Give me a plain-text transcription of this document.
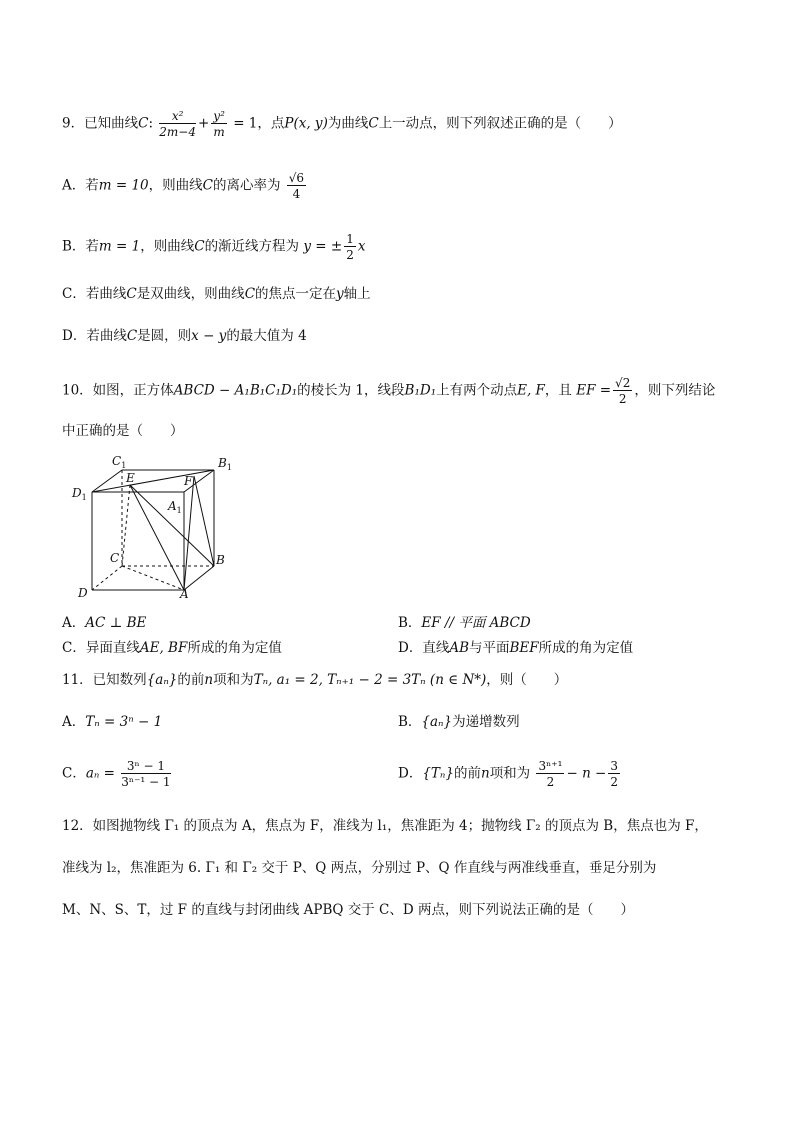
9．已知曲线C: $\frac{\text{x²}}{2m-4} + \frac{\text{y²}}{m} = 1$，点P(x, y)为曲线C上一动点，则下列叙述正确的是（　　）
A．若m = 10，则曲线C的离心率为 $\frac{√6}{4}$
B．若m = 1，则曲线C的渐近线方程为 y = ± $\frac{1}{2}$ x
C．若曲线C是双曲线，则曲线C的焦点一定在y轴上
D．若曲线C是圆，则x − y的最大值为 4
10．如图，正方体ABCD − A₁B₁C₁D₁的棱长为 1，线段B₁D₁上有两个动点E, F，且 EF = $\frac{√2}{2}$ ，则下列结论
中正确的是（　　）
$C_1$	$B_1$
$D_1$
E	F
$A_1$
C	B
D	A
A．AC ⊥ BE	B．EF // 平面 ABCD
C．异面直线AE, BF所成的角为定值	D．直线AB与平面BEF所成的角为定值
11．已知数列{aₙ}的前n项和为Tₙ, a₁ = 2, Tₙ₊₁ − 2 = 3Tₙ (n ∈ N*)，则（　　）
A．Tₙ = 3ⁿ − 1	B．{aₙ}为递增数列
C．$a_n = \frac{\text{3ⁿ − 1}}{\text{3ⁿ⁻¹ − 1}}$	D．{Tₙ}的前n项和为 $\frac{\text{3ⁿ⁺¹}}{2} - n - \frac{3}{2}$
12．如图抛物线 Γ₁ 的顶点为 A，焦点为 F，准线为 l₁，焦准距为 4；抛物线 Γ₂ 的顶点为 B，焦点也为 F，
准线为 l₂，焦准距为 6. Γ₁ 和 Γ₂ 交于 P、Q 两点，分别过 P、Q 作直线与两准线垂直，垂足分别为
M、N、S、T，过 F 的直线与封闭曲线 APBQ 交于 C、D 两点，则下列说法正确的是（　　）
